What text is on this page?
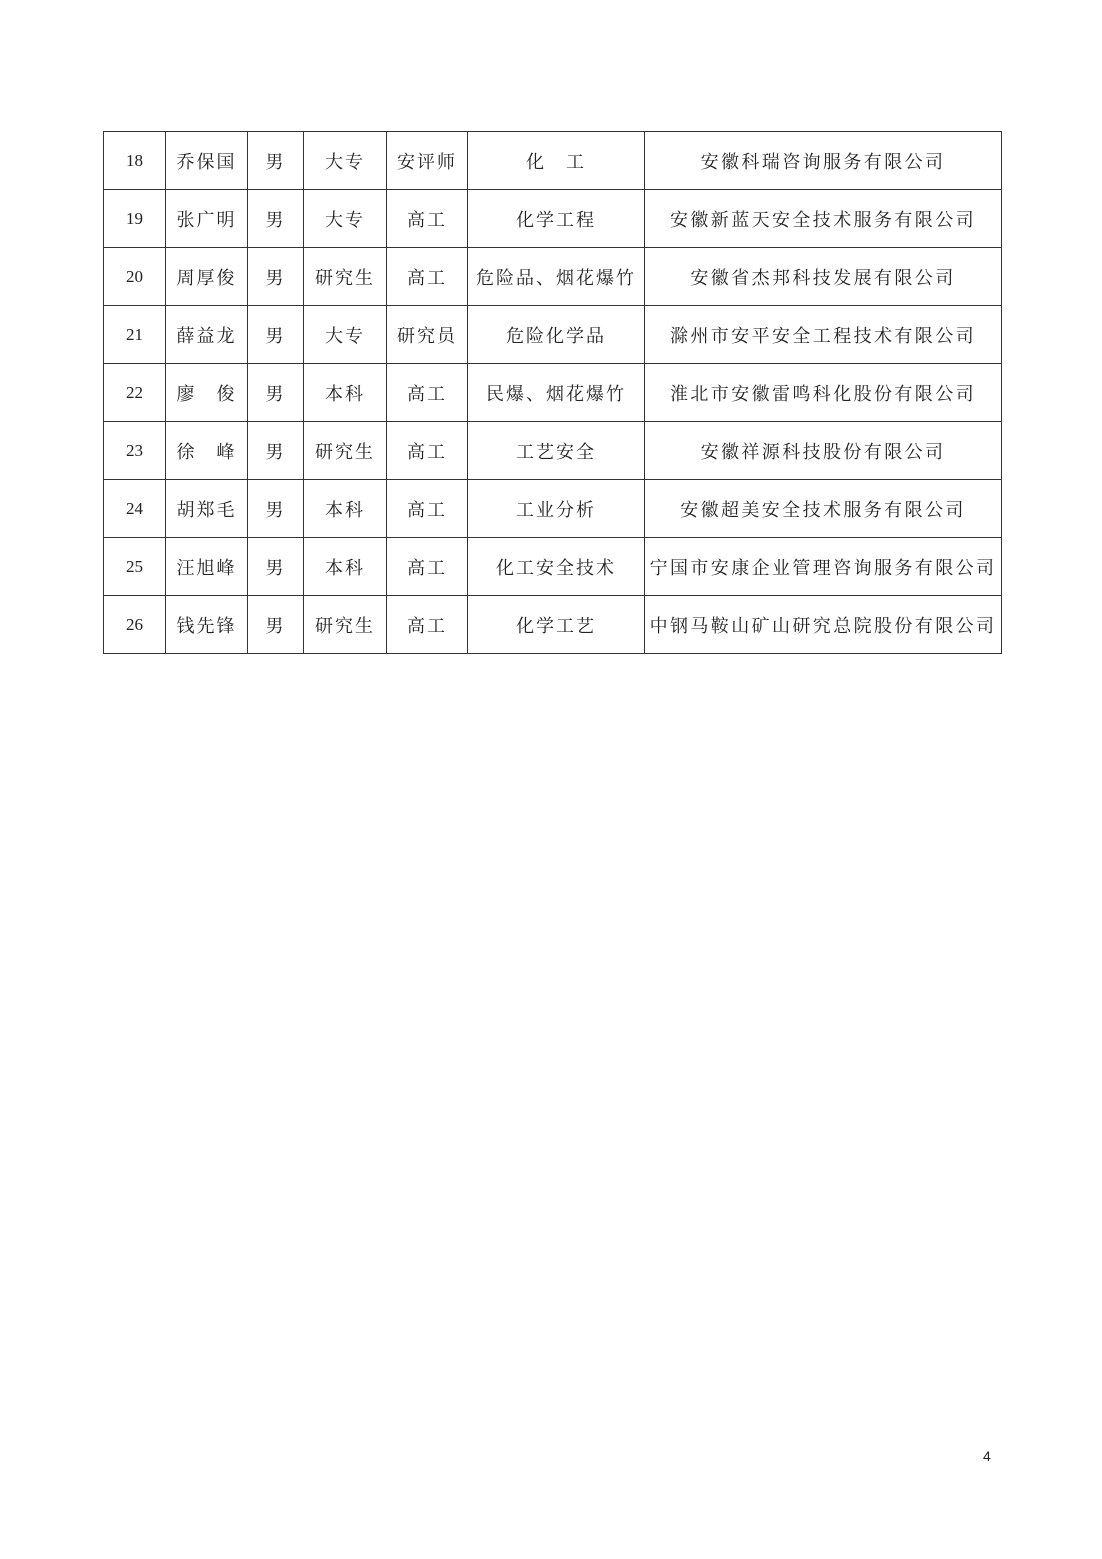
18	乔保国	男	大专	安评师	化　工	安徽科瑞咨询服务有限公司
19	张广明	男	大专	高工	化学工程	安徽新蓝天安全技术服务有限公司
20	周厚俊	男	研究生	高工	危险品、烟花爆竹	安徽省杰邦科技发展有限公司
21	薛益龙	男	大专	研究员	危险化学品	滁州市安平安全工程技术有限公司
22	廖　俊	男	本科	高工	民爆、烟花爆竹	淮北市安徽雷鸣科化股份有限公司
23	徐　峰	男	研究生	高工	工艺安全	安徽祥源科技股份有限公司
24	胡郑毛	男	本科	高工	工业分析	安徽超美安全技术服务有限公司
25	汪旭峰	男	本科	高工	化工安全技术	宁国市安康企业管理咨询服务有限公司
26	钱先锋	男	研究生	高工	化学工艺	中钢马鞍山矿山研究总院股份有限公司
4
